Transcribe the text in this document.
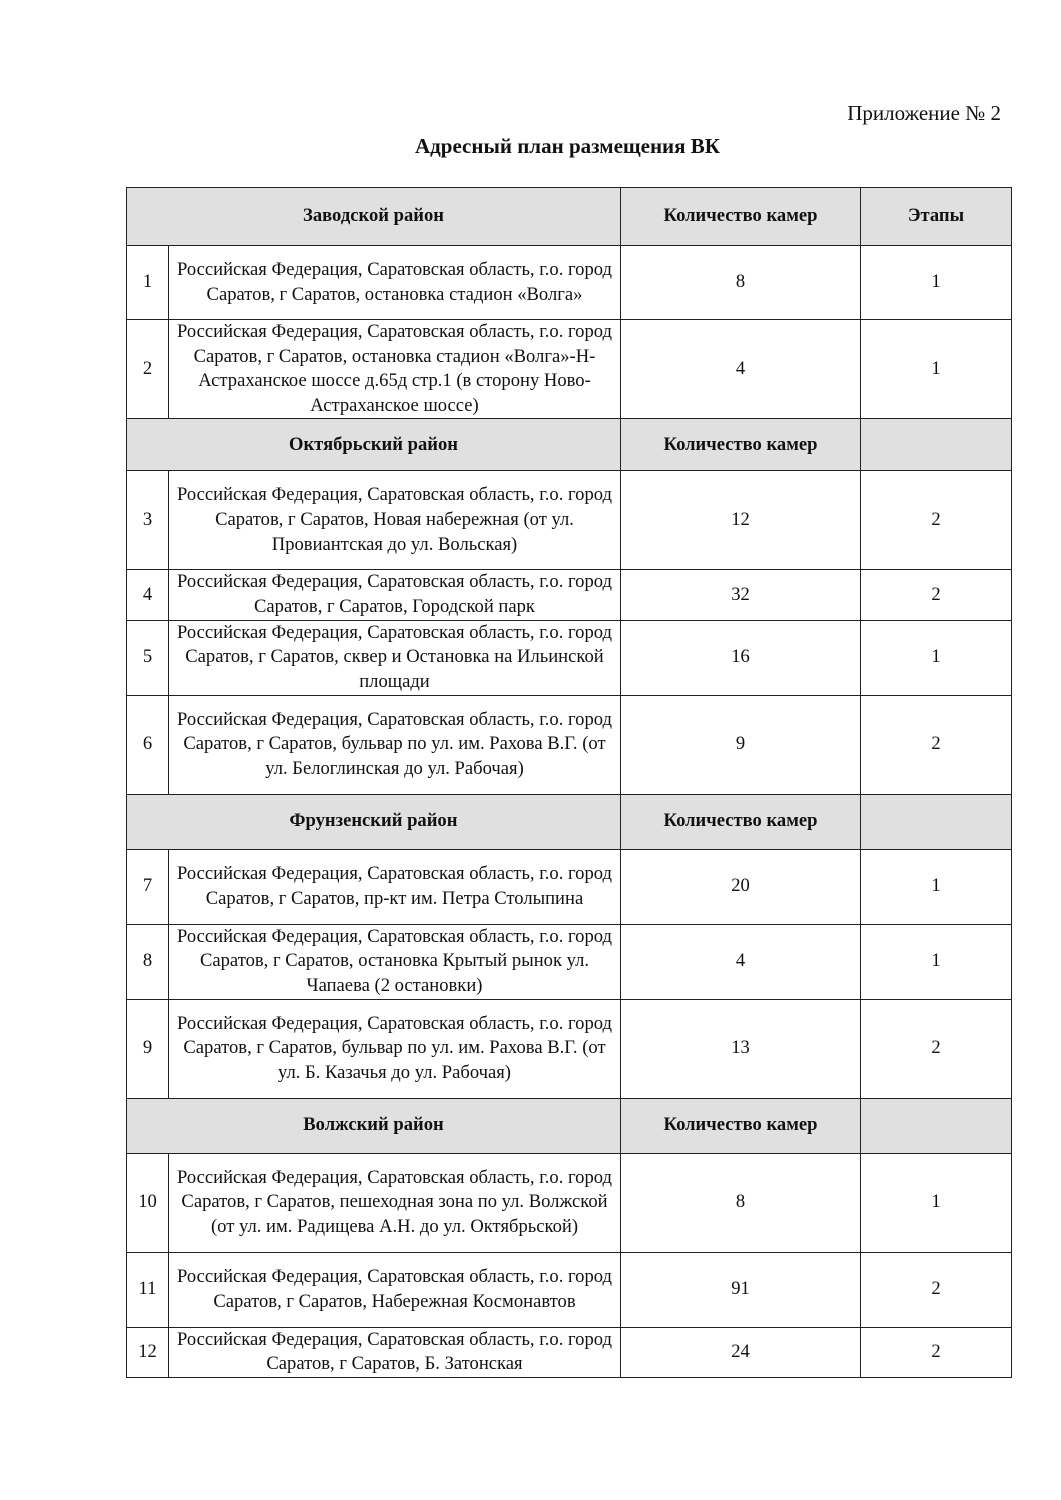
Приложение № 2
Адресный план размещения ВК
Заводской район		Количество камер	Этапы
1	Российская Федерация, Саратовская область, г.о. город Саратов, г Саратов, остановка стадион «Волга»	8	1
2	Российская Федерация, Саратовская область, г.о. город Саратов, г Саратов, остановка стадион «Волга»-Н-Астраханское шоссе д.65д стр.1 (в сторону Ново-Астраханское шоссе)	4	1
Октябрьский район		Количество камер	
3	Российская Федерация, Саратовская область, г.о. город Саратов, г Саратов, Новая набережная (от ул. Провиантская до ул. Вольская)	12	2
4	Российская Федерация, Саратовская область, г.о. город Саратов, г Саратов, Городской парк	32	2
5	Российская Федерация, Саратовская область, г.о. город Саратов, г Саратов, сквер и Остановка на Ильинской площади	16	1
6	Российская Федерация, Саратовская область, г.о. город Саратов, г Саратов, бульвар по ул. им. Рахова В.Г. (от ул. Белоглинская до ул. Рабочая)	9	2
Фрунзенский район		Количество камер	
7	Российская Федерация, Саратовская область, г.о. город Саратов, г Саратов, пр-кт им. Петра Столыпина	20	1
8	Российская Федерация, Саратовская область, г.о. город Саратов, г Саратов, остановка Крытый рынок ул. Чапаева (2 остановки)	4	1
9	Российская Федерация, Саратовская область, г.о. город Саратов, г Саратов, бульвар по ул. им. Рахова В.Г. (от ул. Б. Казачья до ул. Рабочая)	13	2
Волжский район		Количество камер	
10	Российская Федерация, Саратовская область, г.о. город Саратов, г Саратов, пешеходная зона по ул. Волжской (от ул. им. Радищева А.Н. до ул. Октябрьской)	8	1
11	Российская Федерация, Саратовская область, г.о. город Саратов, г Саратов, Набережная Космонавтов	91	2
12	Российская Федерация, Саратовская область, г.о. город Саратов, г Саратов, Б. Затонская	24	2
